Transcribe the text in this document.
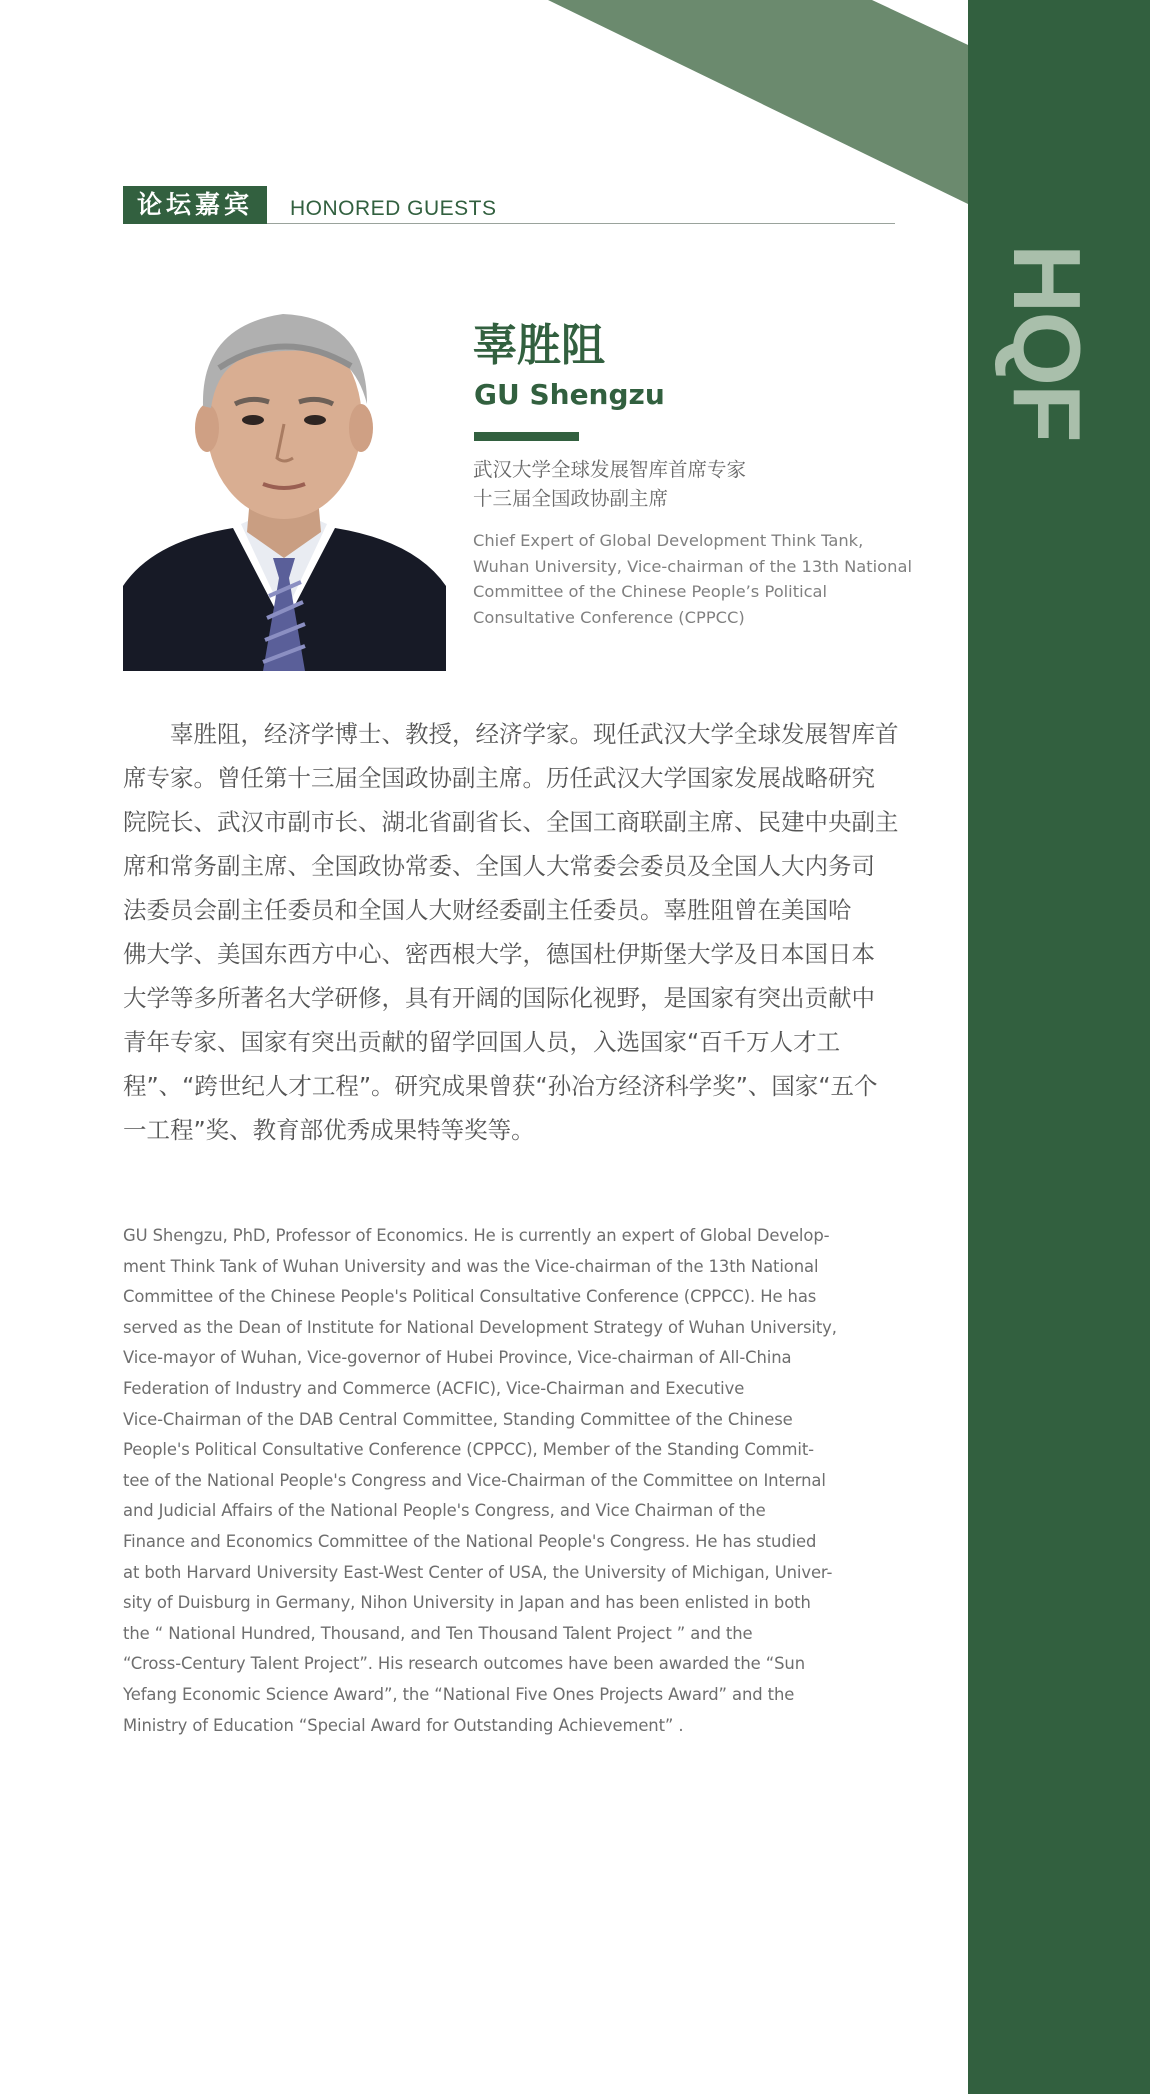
HQF
论坛嘉宾	HONORED GUESTS
辜胜阻
GU Shengzu
武汉大学全球发展智库首席专家
十三届全国政协副主席
Chief Expert of Global Development Think Tank,
Wuhan University, Vice-chairman of the 13th National
Committee of the Chinese People’s Political
Consultative Conference (CPPCC)
　　辜胜阻，经济学博士、教授，经济学家。现任武汉大学全球发展智库首
席专家。曾任第十三届全国政协副主席。历任武汉大学国家发展战略研究
院院长、武汉市副市长、湖北省副省长、全国工商联副主席、民建中央副主
席和常务副主席、全国政协常委、全国人大常委会委员及全国人大内务司
法委员会副主任委员和全国人大财经委副主任委员。辜胜阻曾在美国哈
佛大学、美国东西方中心、密西根大学，德国杜伊斯堡大学及日本国日本
大学等多所著名大学研修，具有开阔的国际化视野，是国家有突出贡献中
青年专家、国家有突出贡献的留学回国人员，入选国家“百千万人才工
程”、“跨世纪人才工程”。研究成果曾获“孙冶方经济科学奖”、国家“五个
一工程”奖、教育部优秀成果特等奖等。
GU Shengzu, PhD, Professor of Economics. He is currently an expert of Global Develop-
ment Think Tank of Wuhan University and was the Vice-chairman of the 13th National
Committee of the Chinese People's Political Consultative Conference (CPPCC). He has
served as the Dean of Institute for National Development Strategy of Wuhan University,
Vice-mayor of Wuhan, Vice-governor of Hubei Province, Vice-chairman of All-China
Federation of Industry and Commerce (ACFIC), Vice-Chairman and Executive
Vice-Chairman of the DAB Central Committee, Standing Committee of the Chinese
People's Political Consultative Conference (CPPCC), Member of the Standing Commit-
tee of the National People's Congress and Vice-Chairman of the Committee on Internal
and Judicial Affairs of the National People's Congress, and Vice Chairman of the
Finance and Economics Committee of the National People's Congress. He has studied
at both Harvard University East-West Center of USA, the University of Michigan, Univer-
sity of Duisburg in Germany, Nihon University in Japan and has been enlisted in both
the “ National Hundred, Thousand, and Ten Thousand Talent Project ” and the
“Cross-Century Talent Project”. His research outcomes have been awarded the “Sun
Yefang Economic Science Award”, the “National Five Ones Projects Award” and the
Ministry of Education “Special Award for Outstanding Achievement” .
